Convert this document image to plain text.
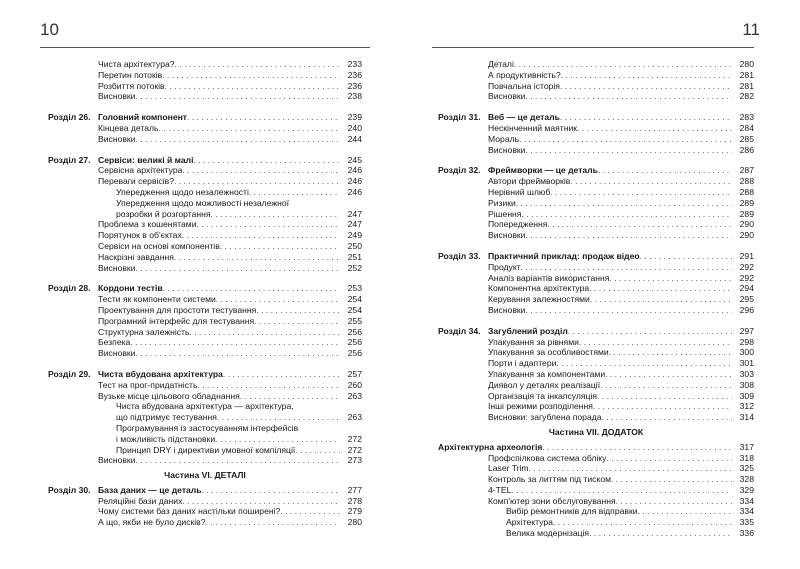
10
Чиста архітектура? . . .	233
Перетин потоків . . .	236
Розбиття потоків . . .	236
Висновки . . .	238
Розділ 26. Головний компонент . . .	239
Кінцева деталь . . .	240
Висновки . . .	244
Розділ 27. Сервіси: великі й малі . . .	245
Сервісна архітектура . . .	246
Переваги сервісів? . . .	246
Упередження щодо незалежності . . .	246
Упередження щодо можливості незалежної
розробки й розгортання . . .	247
Проблема з кошенятами . . .	247
Порятунок в об'єктах . . .	249
Сервіси на основі компонентів . . .	250
Наскрізні завдання . . .	251
Висновки . . .	252
Розділ 28. Кордони тестів . . .	253
Тести як компоненти системи . . .	254
Проектування для простоти тестування . . .	254
Програмний інтерфейс для тестування . . .	255
Структурна залежність . . .	256
Безпека . . .	256
Висновки . . .	256
Розділ 29. Чиста вбудована архітектура . . .	257
Тест на прог-придатність . . .	260
Вузьке місце цільового обладнання . . .	263
Чиста вбудована архітектура — архітектура,
що підтримує тестування . . .	263
Програмування із застосуванням інтерфейсів
і можливість підстановки . . .	272
Принцип DRY і директиви умовної компіляції . . .	272
Висновки . . .	273
Частина VI. ДЕТАЛІ
Розділ 30. База даних — це деталь . . .	277
Реляційні бази даних . . .	278
Чому системи баз даних настільки поширені? . . .	279
А що, якби не було дисків? . . .	280
11
Деталі . . .	280
А продуктивність? . . .	281
Повчальна історія . . .	281
Висновки . . .	282
Розділ 31. Веб — це деталь . . .	283
Нескінченний маятник . . .	284
Мораль . . .	285
Висновки . . .	286
Розділ 32. Фреймворки — це деталь . . .	287
Автори фреймворків . . .	288
Нерівний шлюб . . .	288
Ризики . . .	289
Рішення . . .	289
Попередження . . .	290
Висновки . . .	290
Розділ 33. Практичний приклад: продаж відео . . .	291
Продукт . . .	292
Аналіз варіантів використання . . .	292
Компонентна архітектура . . .	294
Керування залежностями . . .	295
Висновки . . .	296
Розділ 34. Загублений розділ . . .	297
Упакування за рівнями . . .	298
Упакування за особливостями . . .	300
Порти і адаптери . . .	301
Упакування за компонентами . . .	303
Диявол у деталях реалізації . . .	308
Організація та інкапсуляція . . .	309
Інші режими розподілення . . .	312
Висновки: загублена порада . . .	314
Частина VII. ДОДАТОК
Архітектурна археологія . . .	317
Профспілкова система обліку . . .	318
Laser Trim . . .	325
Контроль за литтям під тиском . . .	328
4-TEL . . .	329
Комп'ютер зони обслуговування . . .	334
Вибір ремонтників для відправки . . .	334
Архітектура . . .	335
Велика модернізація . . .	336
